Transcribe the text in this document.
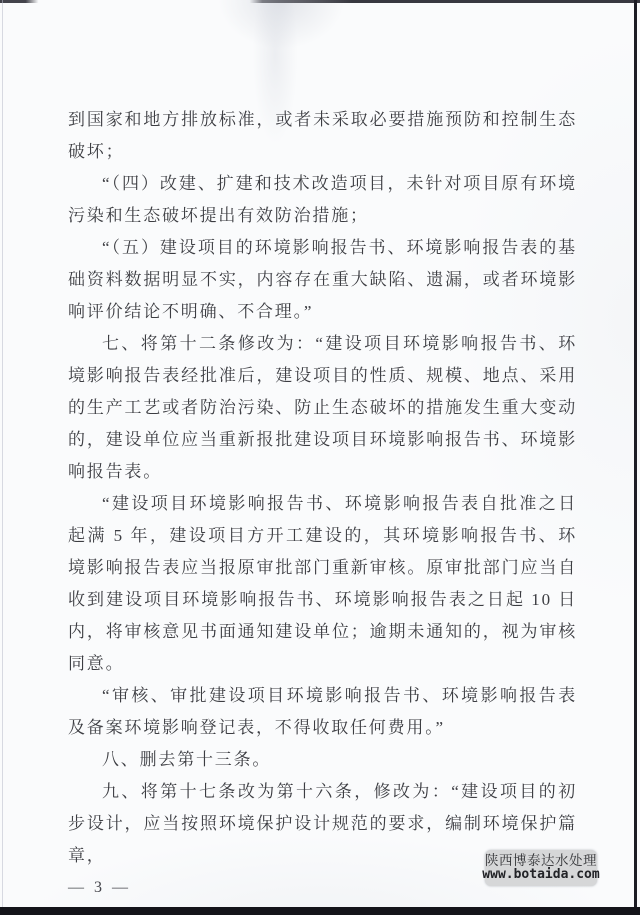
到国家和地方排放标准，或者未采取必要措施预防和控制生态破坏；

“（四）改建、扩建和技术改造项目，未针对项目原有环境污染和生态破坏提出有效防治措施；

“（五）建设项目的环境影响报告书、环境影响报告表的基础资料数据明显不实，内容存在重大缺陷、遗漏，或者环境影响评价结论不明确、不合理。”

七、将第十二条修改为：“建设项目环境影响报告书、环境影响报告表经批准后，建设项目的性质、规模、地点、采用的生产工艺或者防治污染、防止生态破坏的措施发生重大变动的，建设单位应当重新报批建设项目环境影响报告书、环境影响报告表。

“建设项目环境影响报告书、环境影响报告表自批准之日起满 5 年，建设项目方开工建设的，其环境影响报告书、环境影响报告表应当报原审批部门重新审核。原审批部门应当自收到建设项目环境影响报告书、环境影响报告表之日起 10 日内，将审核意见书面通知建设单位；逾期未通知的，视为审核同意。

“审核、审批建设项目环境影响报告书、环境影响报告表及备案环境影响登记表，不得收取任何费用。”

八、删去第十三条。

九、将第十七条改为第十六条，修改为：“建设项目的初步设计，应当按照环境保护设计规范的要求，编制环境保护篇章，

— 3 —

陕西博泰达水处理
www.botaida.com
